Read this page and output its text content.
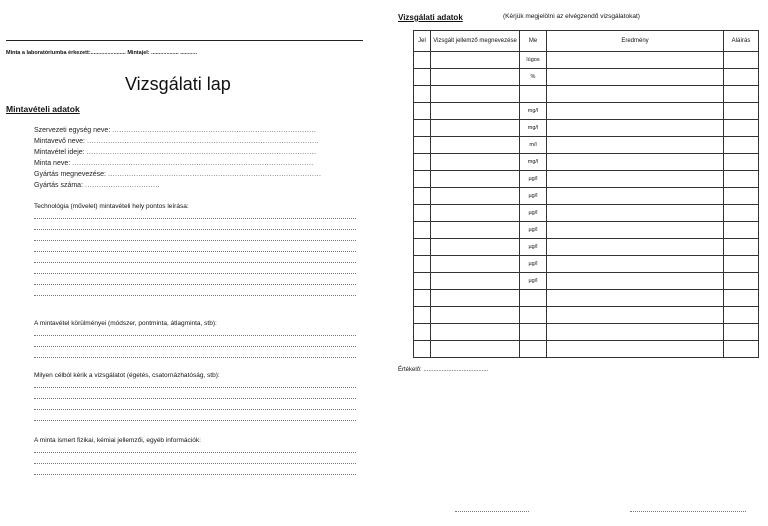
Minta a laboratóriumba érkezett:....................... Mintajel: .................. ...........
Vizsgálati lap
Mintavételi adatok
Szervezeti egység neve: .......................................................................................
Mintavevő neve: ...................................................................................................
Mintavétel ideje: ..................................................................................................
Minta neve: .......................................................................................................
Gyártás megnevezése: ...........................................................................................
Gyártás száma: ................................
Technológia (művelet) mintavételi hely pontos leírása:
A mintavétel körülményei (módszer, pontminta, átlagminta, stb):
Milyen célból kérik a vizsgálatot (égetés, csatornázhatóság, stb):
A minta ismert fizikai, kémiai jellemzői, egyéb információk:
Vizsgálati adatok	(Kérjük megjelölni az elvégzendő vizsgálatokat)
Jel	Vizsgált jellemző megnevezése	Me	Eredmény	Aláírás
		lúgos		
		%		

		mg/l		
		mg/l		
		m/l		
		mg/l		
		µg/l		
		µg/l		
		µg/l		
		µg/l		
		µg/l		
		µg/l		
		µg/l		

Értékelő: .......................................
